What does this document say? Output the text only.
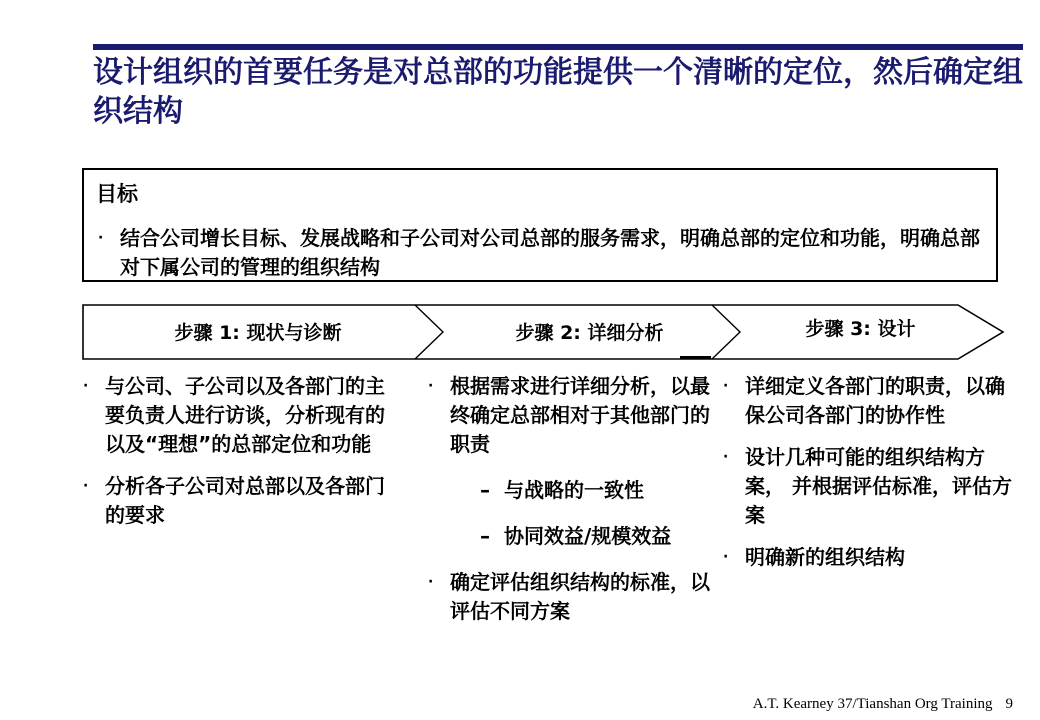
设计组织的首要任务是对总部的功能提供一个清晰的定位，然后确定组织结构
目标
· 结合公司增长目标、发展战略和子公司对公司总部的服务需求，明确总部的定位和功能，明确总部对下属公司的管理的组织结构
步骤 1: 现状与诊断	步骤 2: 详细分析	步骤 3: 设计
· 与公司、子公司以及各部门的主要负责人进行访谈，分析现有的以及“理想”的总部定位和功能
· 分析各子公司对总部以及各部门的要求
· 根据需求进行详细分析，以最终确定总部相对于其他部门的职责
– 与战略的一致性
– 协同效益/规模效益
· 确定评估组织结构的标准，以评估不同方案
· 详细定义各部门的职责，以确保公司各部门的协作性
· 设计几种可能的组织结构方案， 并根据评估标准，评估方案
· 明确新的组织结构
A.T. Kearney 37/Tianshan Org Training 9
